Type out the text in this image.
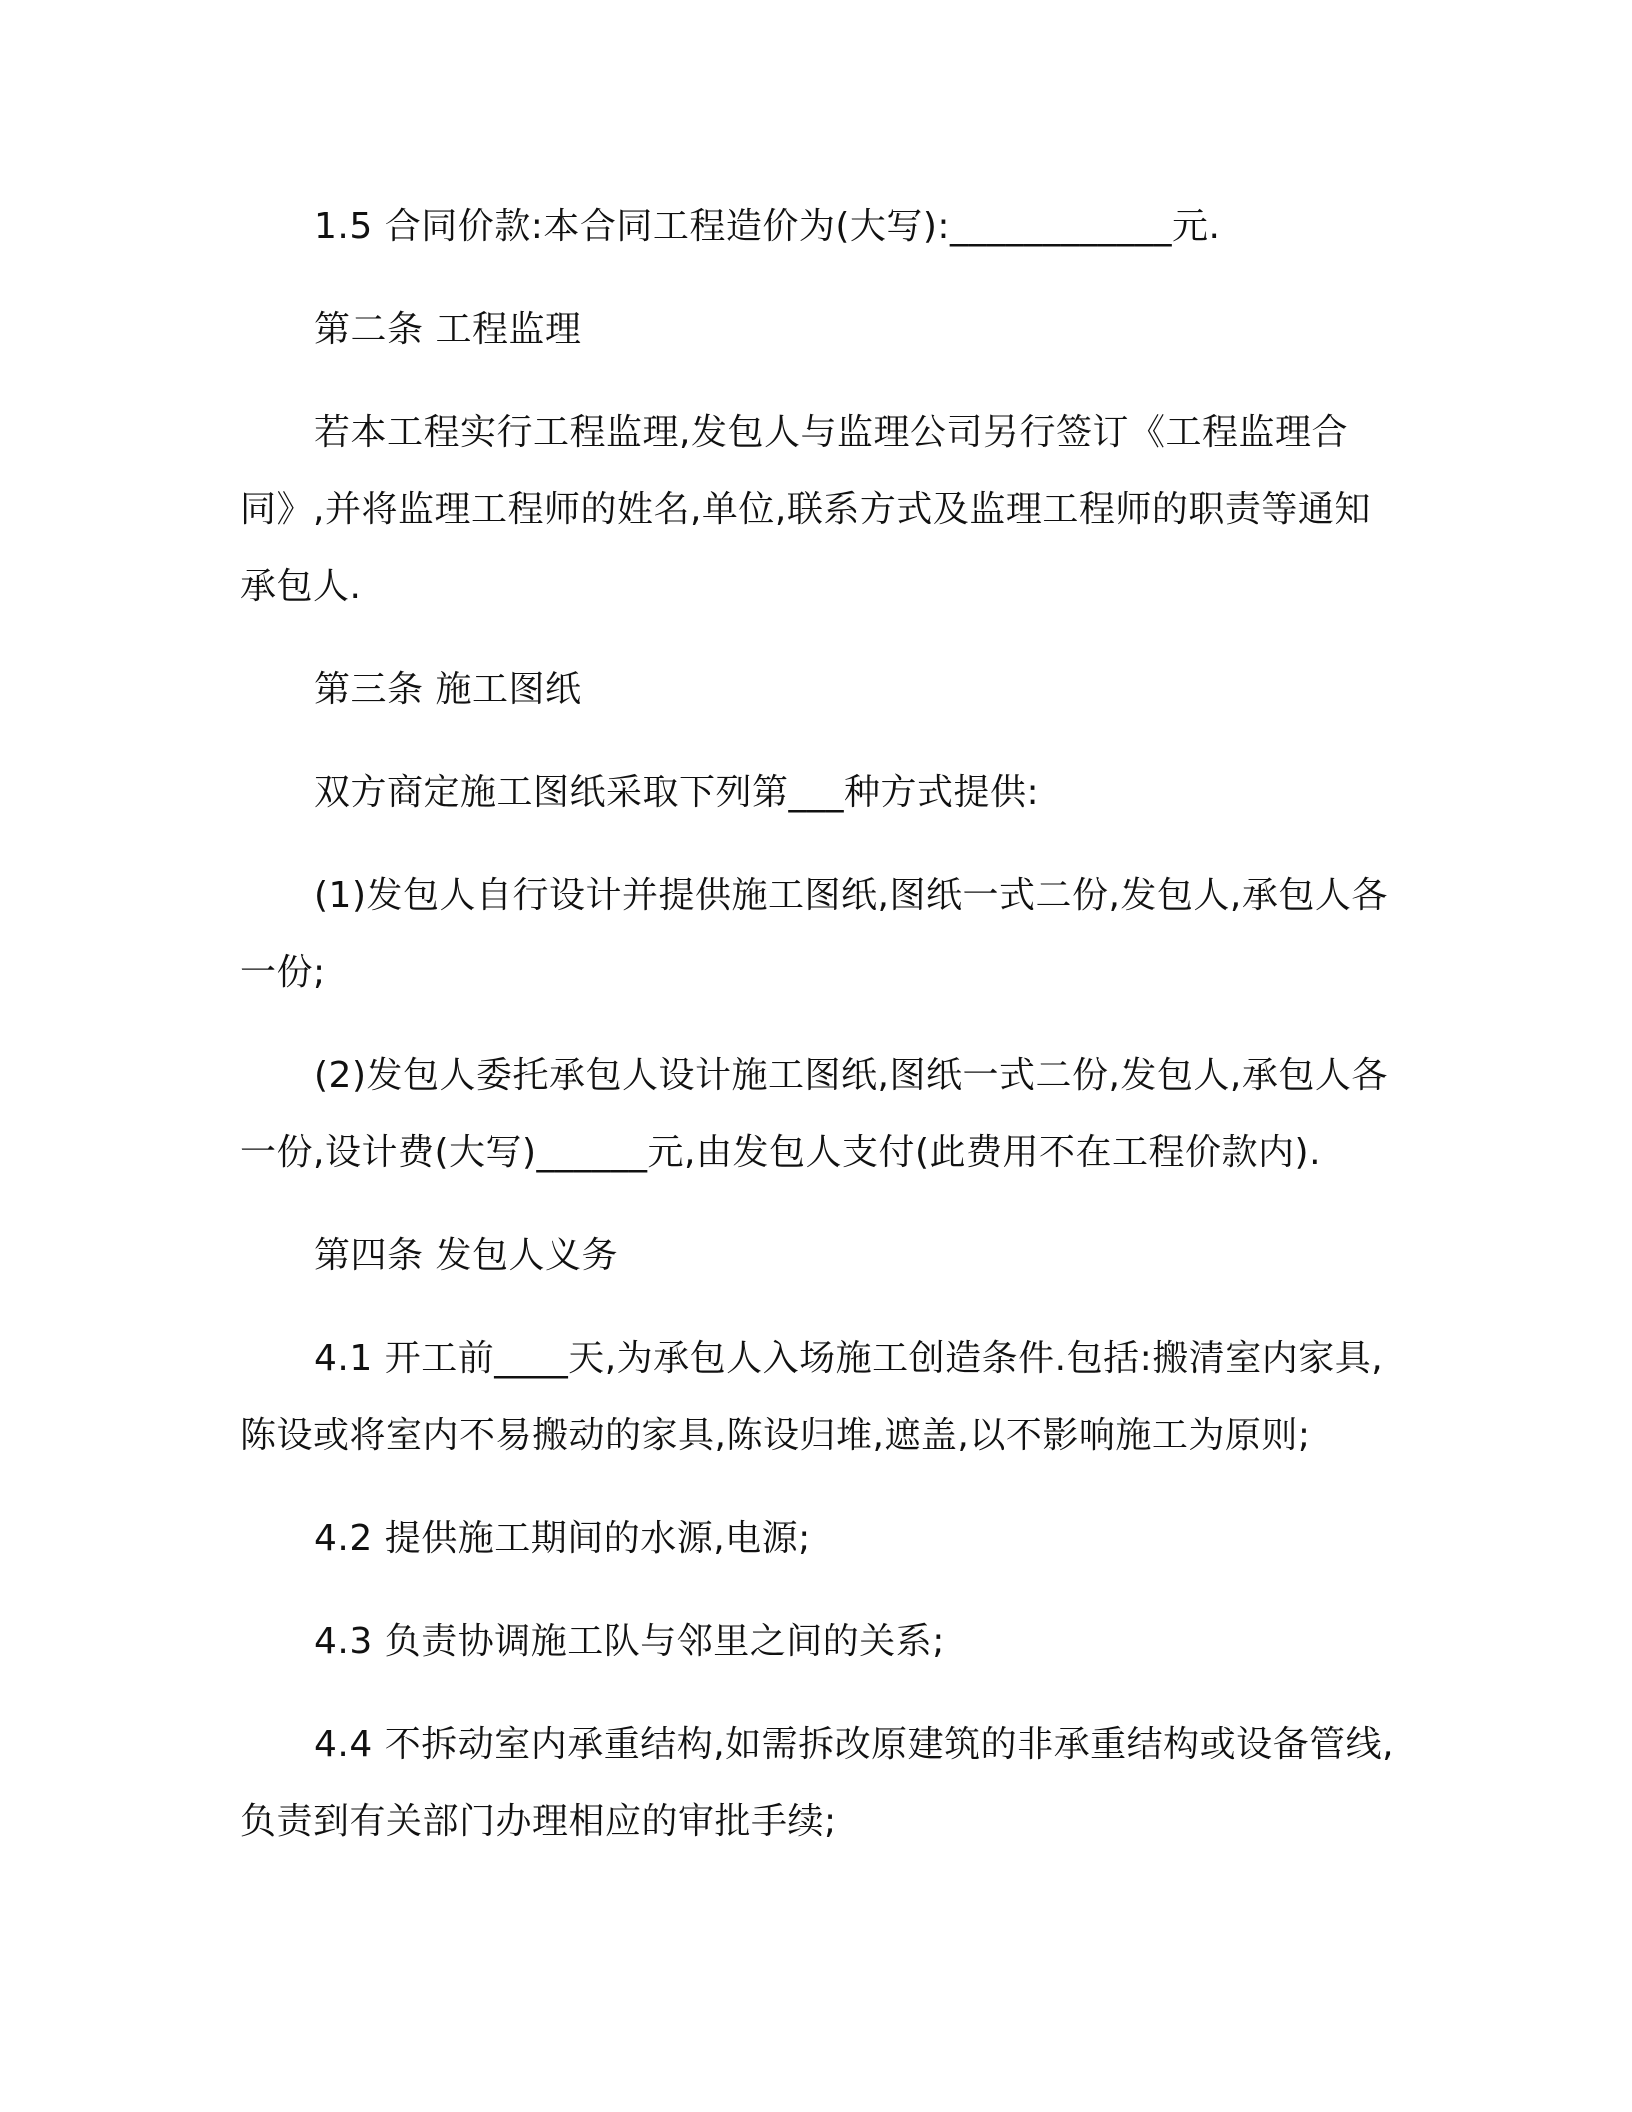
1.5 合同价款:本合同工程造价为(大写):____________元.

第二条 工程监理

若本工程实行工程监理,发包人与监理公司另行签订《工程监理合同》,并将监理工程师的姓名,单位,联系方式及监理工程师的职责等通知承包人.

第三条 施工图纸

双方商定施工图纸采取下列第___种方式提供:

(1)发包人自行设计并提供施工图纸,图纸一式二份,发包人,承包人各一份;

(2)发包人委托承包人设计施工图纸,图纸一式二份,发包人,承包人各一份,设计费(大写)______元,由发包人支付(此费用不在工程价款内).

第四条 发包人义务

4.1 开工前____天,为承包人入场施工创造条件.包括:搬清室内家具,陈设或将室内不易搬动的家具,陈设归堆,遮盖,以不影响施工为原则;

4.2 提供施工期间的水源,电源;

4.3 负责协调施工队与邻里之间的关系;

4.4 不拆动室内承重结构,如需拆改原建筑的非承重结构或设备管线,负责到有关部门办理相应的审批手续;
